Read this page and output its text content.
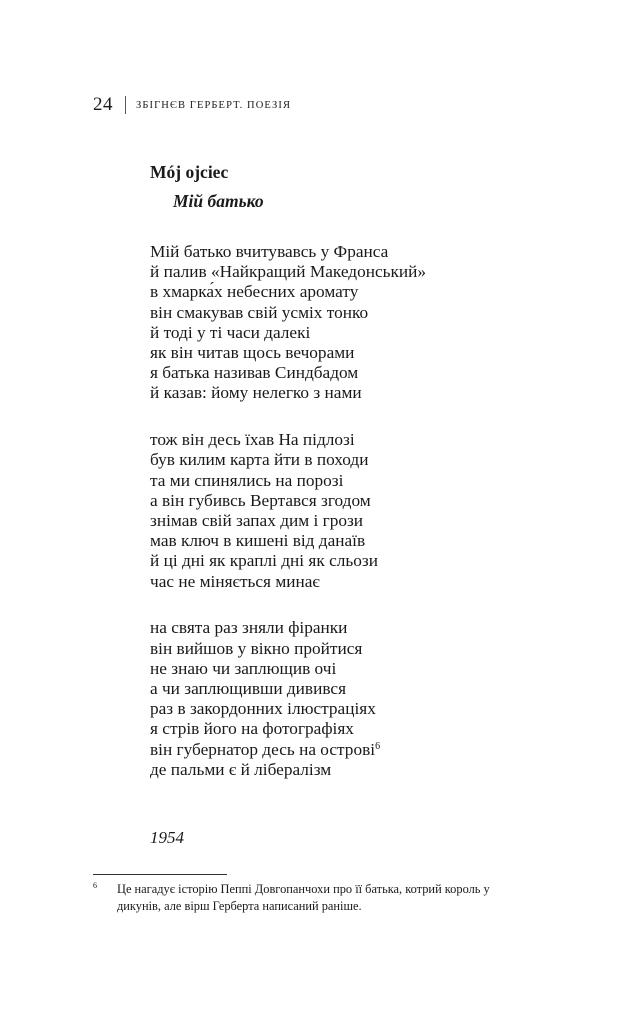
24 ЗБІГНЄВ ГЕРБЕРТ. ПОЕЗІЯ
Mój ojciec
Мій батько
Мій батько вчитувавсь у Франса
й палив «Найкращий Македонський»
в хмарка́х небесних аромату
він смакував свій усміх тонко
й тоді у ті часи далекі
як він читав щось вечорами
я батька називав Синдбадом
й казав: йому нелегко з нами
тож він десь їхав На підлозі
був килим карта йти в походи
та ми спинялись на порозі
а він губивсь Вертався згодом
знімав свій запах дим і грози
мав ключ в кишені від данаїв
й ці дні як краплі дні як сльози
час не міняється минає
на свята раз зняли фіранки
він вийшов у вікно пройтися
не знаю чи заплющив очі
а чи заплющивши дивився
раз в закордонних ілюстраціях
я стрів його на фотографіях
він губернатор десь на острові$^6$
де пальми є й лібералізм
1954
6 Це нагадує історію Пеппі Довгопанчохи про її батька, котрий король у дикунів, але вірш Герберта написаний раніше.
